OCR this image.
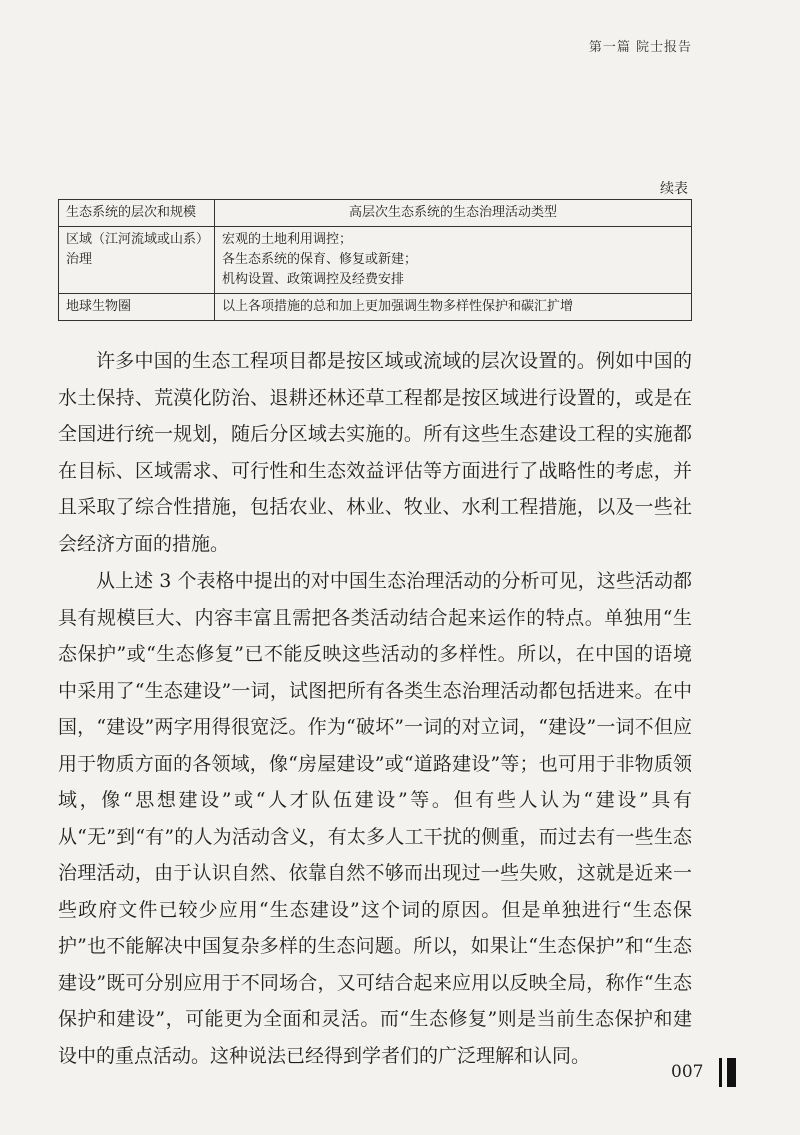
第一篇 院士报告
续表
生态系统的层次和规模	高层次生态系统的生态治理活动类型
区域（江河流域或山系）治理	宏观的土地利用调控；
各生态系统的保育、修复或新建；
机构设置、政策调控及经费安排

地球生物圈	以上各项措施的总和加上更加强调生物多样性保护和碳汇扩增

许多中国的生态工程项目都是按区域或流域的层次设置的。例如中国的水土保持、荒漠化防治、退耕还林还草工程都是按区域进行设置的，或是在全国进行统一规划，随后分区域去实施的。所有这些生态建设工程的实施都在目标、区域需求、可行性和生态效益评估等方面进行了战略性的考虑，并且采取了综合性措施，包括农业、林业、牧业、水利工程措施，以及一些社会经济方面的措施。

从上述 3 个表格中提出的对中国生态治理活动的分析可见，这些活动都具有规模巨大、内容丰富且需把各类活动结合起来运作的特点。单独用“生态保护”或“生态修复”已不能反映这些活动的多样性。所以，在中国的语境中采用了“生态建设”一词，试图把所有各类生态治理活动都包括进来。在中国，“建设”两字用得很宽泛。作为“破坏”一词的对立词，“建设”一词不但应用于物质方面的各领域，像“房屋建设”或“道路建设”等；也可用于非物质领域，像“思想建设”或“人才队伍建设”等。但有些人认为“建设”具有从“无”到“有”的人为活动含义，有太多人工干扰的侧重，而过去有一些生态治理活动，由于认识自然、依靠自然不够而出现过一些失败，这就是近来一些政府文件已较少应用“生态建设”这个词的原因。但是单独进行“生态保护”也不能解决中国复杂多样的生态问题。所以，如果让“生态保护”和“生态建设”既可分别应用于不同场合，又可结合起来应用以反映全局，称作“生态保护和建设”，可能更为全面和灵活。而“生态修复”则是当前生态保护和建设中的重点活动。这种说法已经得到学者们的广泛理解和认同。

007
